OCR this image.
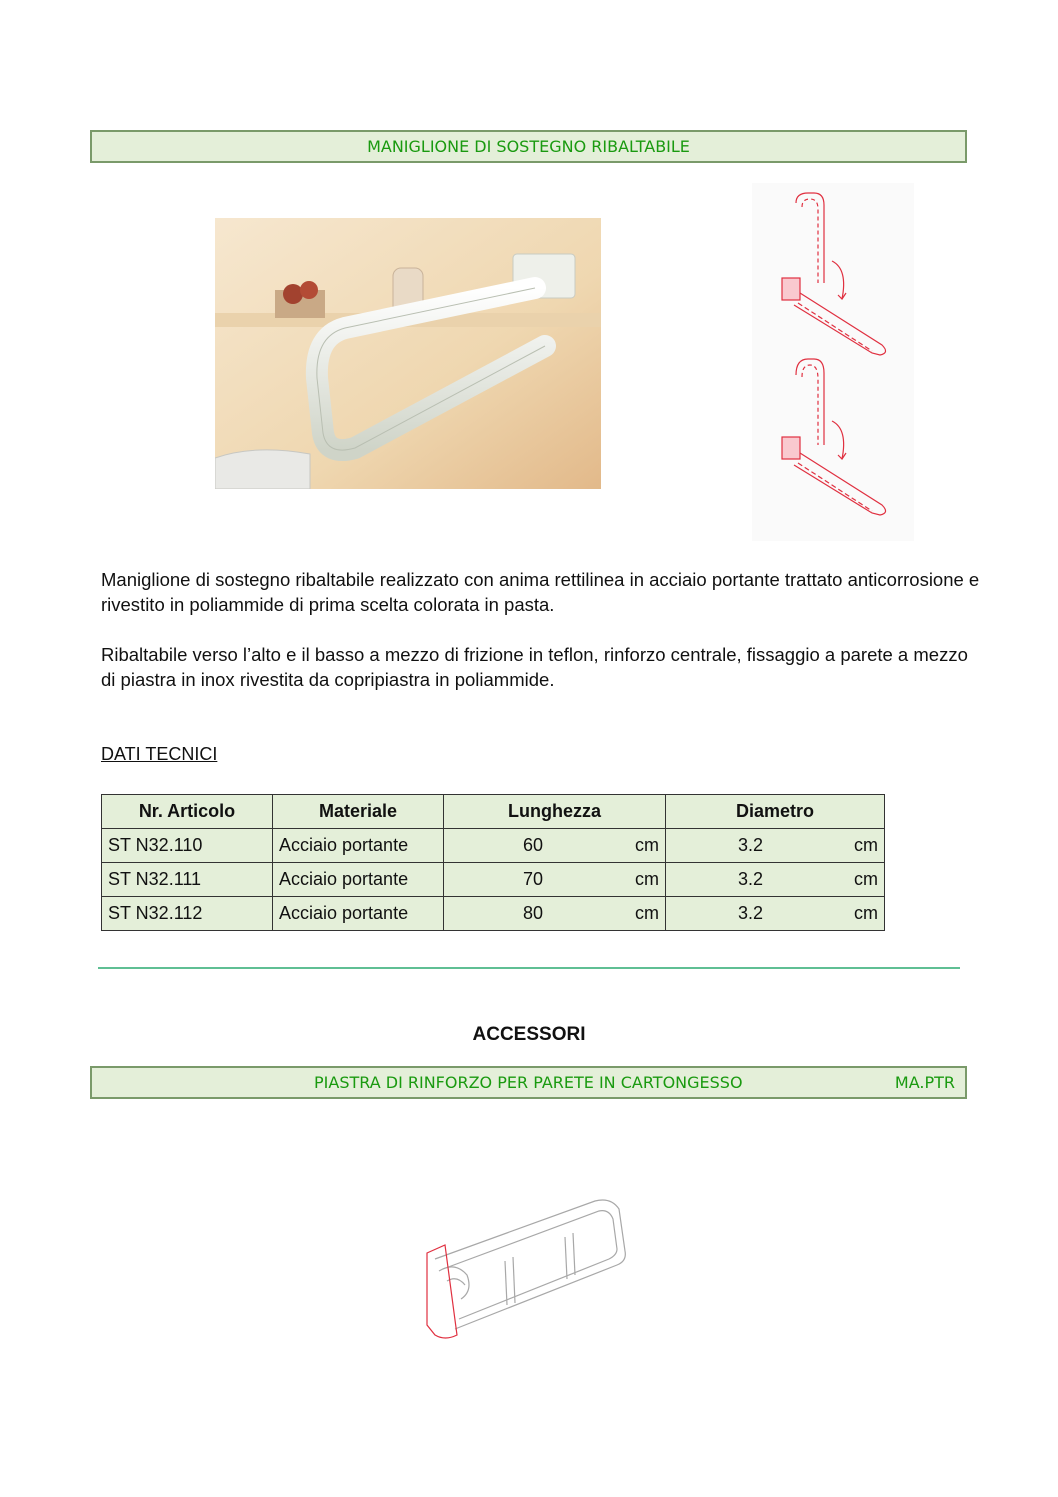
MANIGLIONE DI SOSTEGNO RIBALTABILE

Maniglione di sostegno ribaltabile realizzato con anima rettilinea in acciaio portante trattato anticorrosione e rivestito in poliammide di prima scelta colorata in pasta.

Ribaltabile verso l’alto e il basso a mezzo di frizione in teflon, rinforzo centrale, fissaggio a parete a mezzo di piastra in inox rivestita da copripiastra in poliammide.

DATI TECNICI
Nr. Articolo	Materiale	Lunghezza	Diametro
ST N32.110	Acciaio portante	60 cm	3.2 cm

ST N32.111	Acciaio portante	70 cm	3.2 cm

ST N32.112	Acciaio portante	80 cm	3.2 cm
ACCESSORI
PIASTRA DI RINFORZO PER PARETE IN CARTONGESSO	MA.PTR
